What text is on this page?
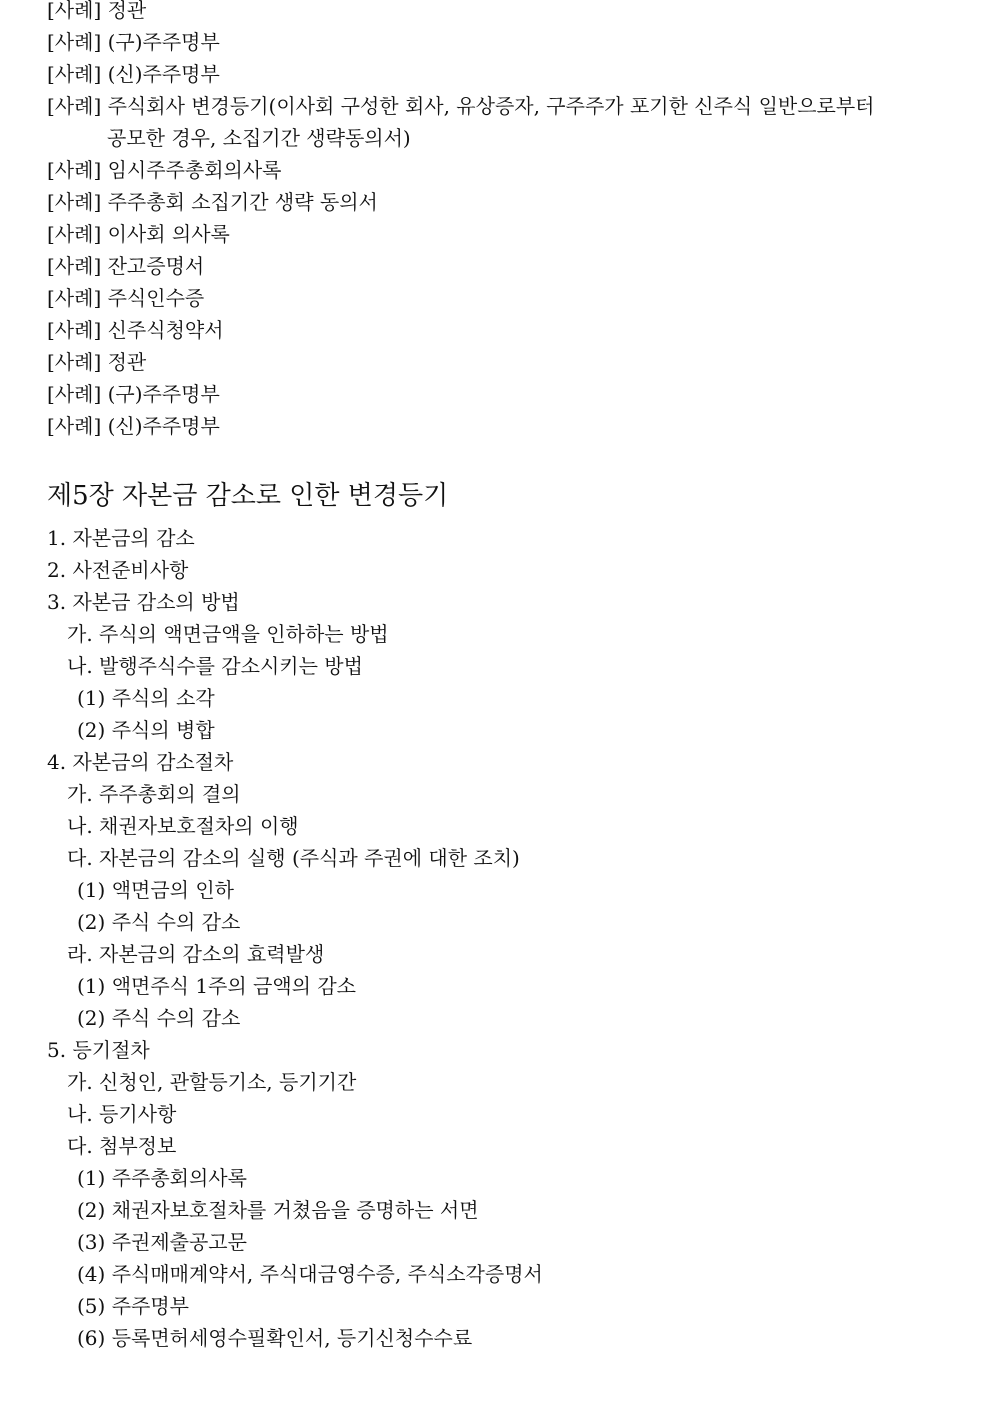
[사례] 정관
[사례] (구)주주명부
[사례] (신)주주명부
[사례] 주식회사 변경등기(이사회 구성한 회사, 유상증자, 구주주가 포기한 신주식 일반으로부터
공모한 경우, 소집기간 생략동의서)
[사례] 임시주주총회의사록
[사례] 주주총회 소집기간 생략 동의서
[사례] 이사회 의사록
[사례] 잔고증명서
[사례] 주식인수증
[사례] 신주식청약서
[사례] 정관
[사례] (구)주주명부
[사례] (신)주주명부
제5장 자본금 감소로 인한 변경등기
1. 자본금의 감소
2. 사전준비사항
3. 자본금 감소의 방법
가. 주식의 액면금액을 인하하는 방법
나. 발행주식수를 감소시키는 방법
(1) 주식의 소각
(2) 주식의 병합
4. 자본금의 감소절차
가. 주주총회의 결의
나. 채권자보호절차의 이행
다. 자본금의 감소의 실행 (주식과 주권에 대한 조치)
(1) 액면금의 인하
(2) 주식 수의 감소
라. 자본금의 감소의 효력발생
(1) 액면주식 1주의 금액의 감소
(2) 주식 수의 감소
5. 등기절차
가. 신청인, 관할등기소, 등기기간
나. 등기사항
다. 첨부정보
(1) 주주총회의사록
(2) 채권자보호절차를 거쳤음을 증명하는 서면
(3) 주권제출공고문
(4) 주식매매계약서, 주식대금영수증, 주식소각증명서
(5) 주주명부
(6) 등록면허세영수필확인서, 등기신청수수료
